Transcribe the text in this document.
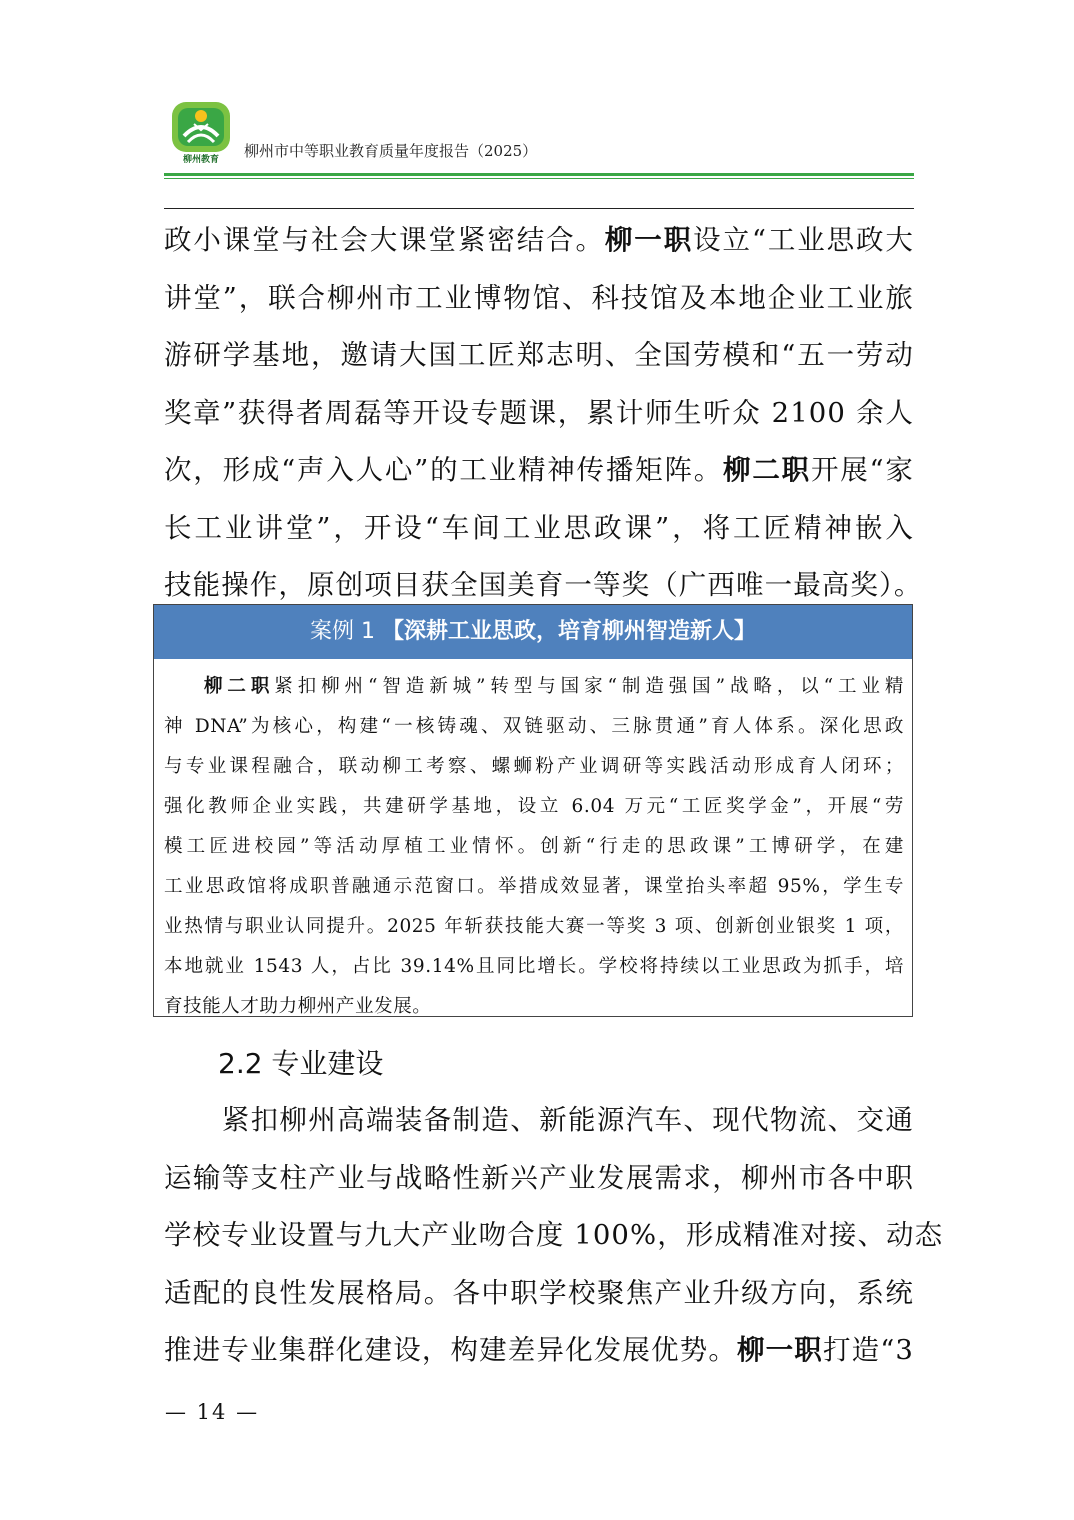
柳州教育 柳州市中等职业教育质量年度报告（2025）
政小课堂与社会大课堂紧密结合。柳一职设立“工业思政大
讲堂”，联合柳州市工业博物馆、科技馆及本地企业工业旅
游研学基地，邀请大国工匠郑志明、全国劳模和“五一劳动
奖章”获得者周磊等开设专题课，累计师生听众 2100 余人
次，形成“声入人心”的工业精神传播矩阵。柳二职开展“家
长工业讲堂”，开设“车间工业思政课”，将工匠精神嵌入
技能操作，原创项目获全国美育一等奖（广西唯一最高奖）。
案例 1 【深耕工业思政，培育柳州智造新人】
柳二职紧扣柳州“智造新城”转型与国家“制造强国”战略，以“工业精
神 DNA”为核心，构建“一核铸魂、双链驱动、三脉贯通”育人体系。深化思政
与专业课程融合，联动柳工考察、螺蛳粉产业调研等实践活动形成育人闭环；
强化教师企业实践，共建研学基地，设立 6.04 万元“工匠奖学金”，开展“劳
模工匠进校园”等活动厚植工业情怀。创新“行走的思政课”工博研学，在建
工业思政馆将成职普融通示范窗口。举措成效显著，课堂抬头率超 95%，学生专
业热情与职业认同提升。2025 年斩获技能大赛一等奖 3 项、创新创业银奖 1 项，
本地就业 1543 人，占比 39.14%且同比增长。学校将持续以工业思政为抓手，培
育技能人才助力柳州产业发展。
2.2 专业建设
　　紧扣柳州高端装备制造、新能源汽车、现代物流、交通
运输等支柱产业与战略性新兴产业发展需求，柳州市各中职
学校专业设置与九大产业吻合度 100%，形成精准对接、动态
适配的良性发展格局。各中职学校聚焦产业升级方向，系统
推进专业集群化建设，构建差异化发展优势。柳一职打造“3
— 14 —
